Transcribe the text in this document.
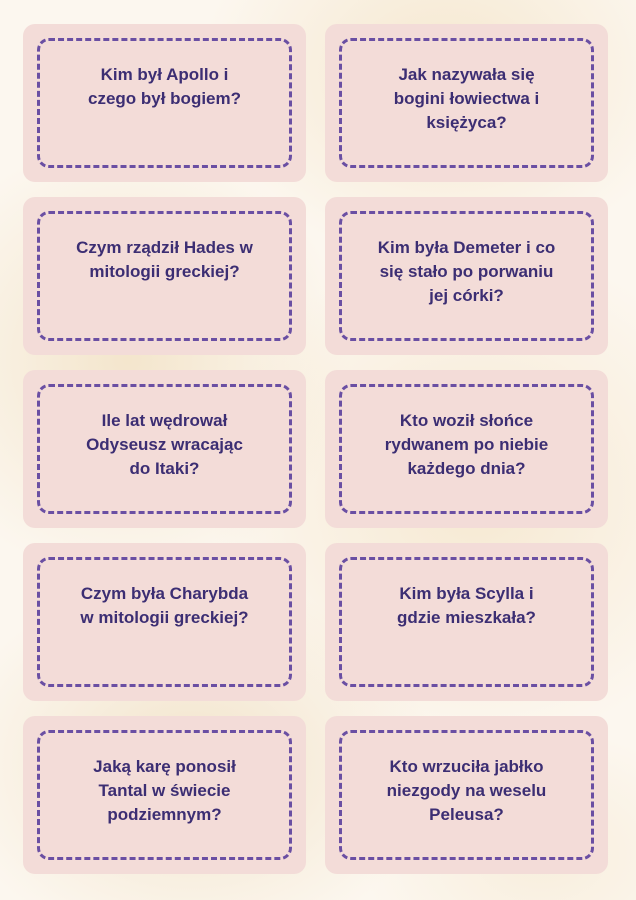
Kim był Apollo i
czego był bogiem?

Jak nazywała się
bogini łowiectwa i
księżyca?

Czym rządził Hades w
mitologii greckiej?

Kim była Demeter i co
się stało po porwaniu
jej córki?

Ile lat wędrował
Odyseusz wracając
do Itaki?

Kto woził słońce
rydwanem po niebie
każdego dnia?

Czym była Charybda
w mitologii greckiej?

Kim była Scylla i
gdzie mieszkała?

Jaką karę ponosił
Tantal w świecie
podziemnym?

Kto wrzuciła jabłko
niezgody na weselu
Peleusa?
